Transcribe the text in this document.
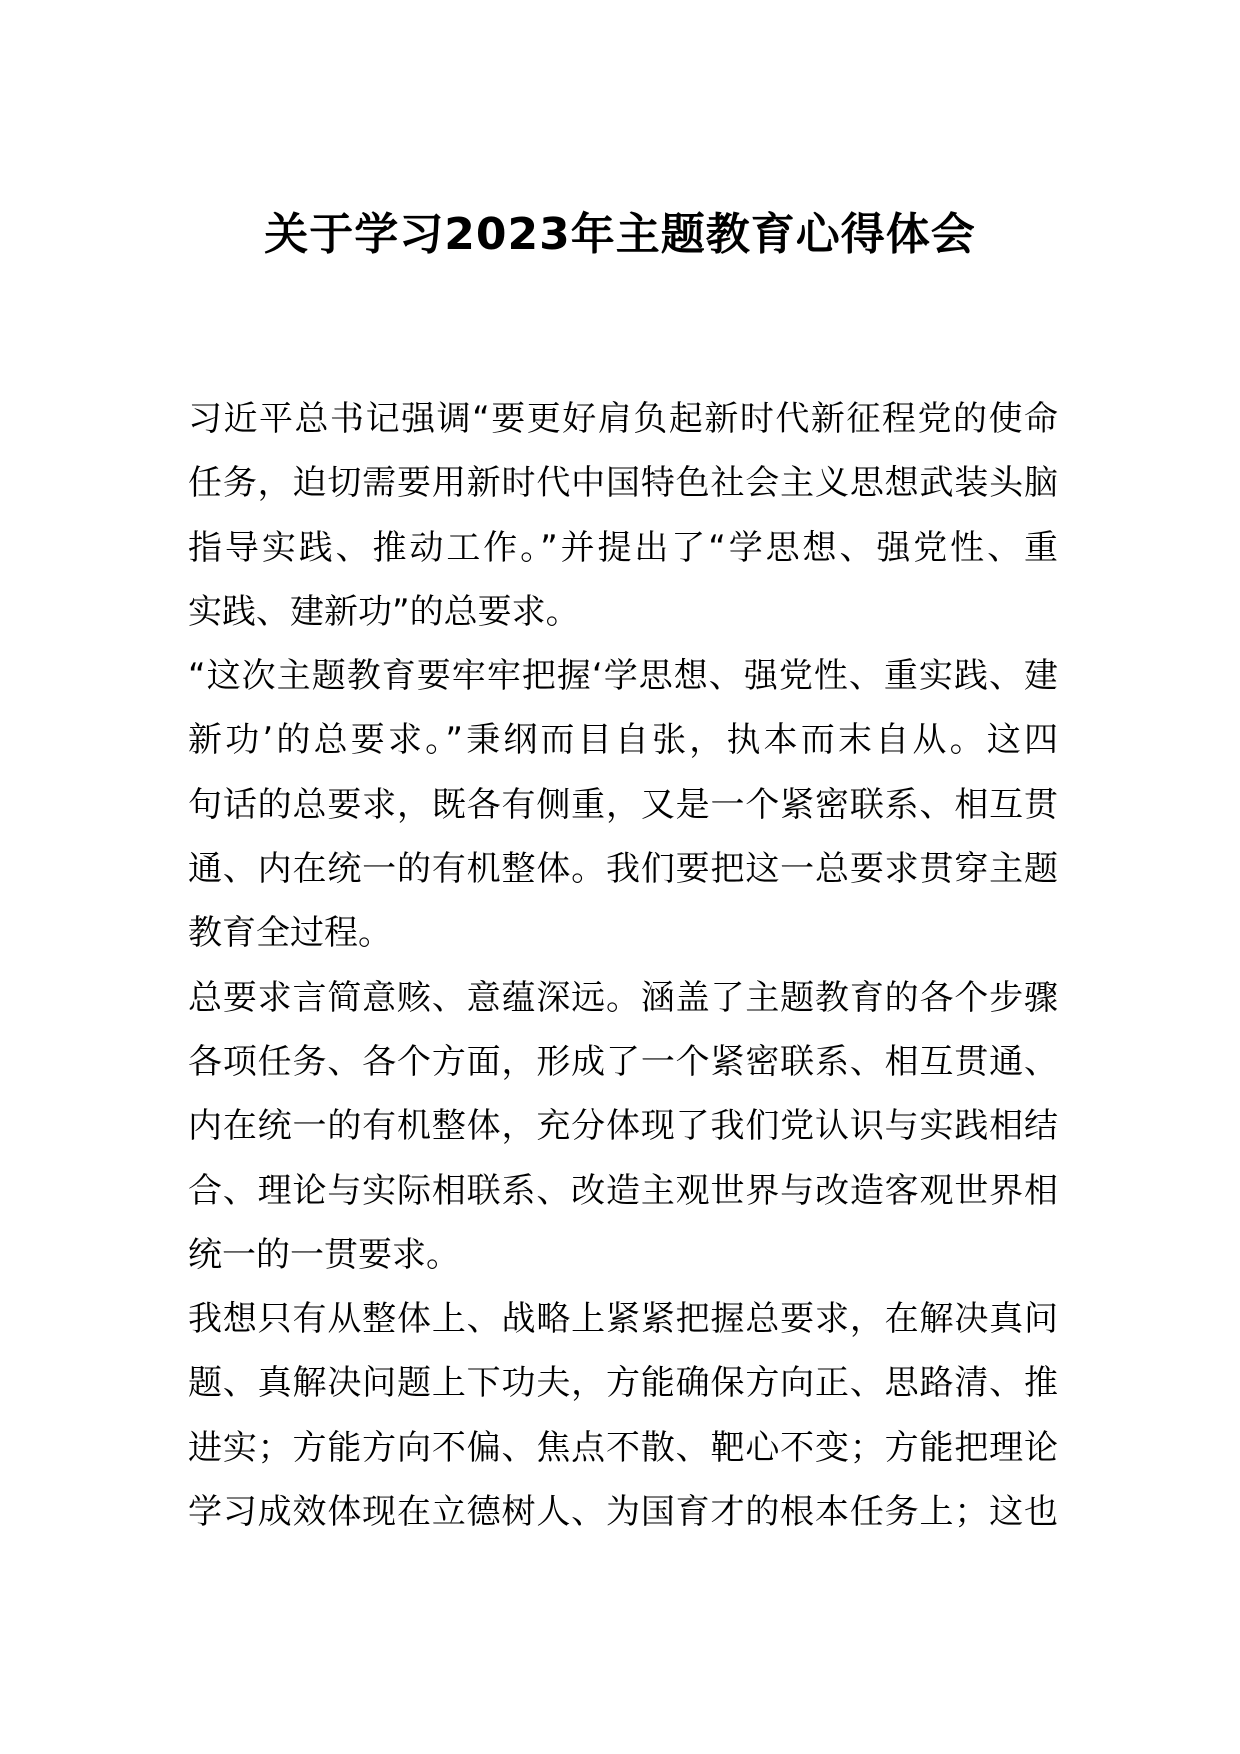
关于学习2023年主题教育心得体会
习近平总书记强调“要更好肩负起新时代新征程党的使命
任务，迫切需要用新时代中国特色社会主义思想武装头脑
指导实践、推动工作。”并提出了“学思想、强党性、重
实践、建新功”的总要求。
“这次主题教育要牢牢把握‘学思想、强党性、重实践、建
新功’的总要求。”秉纲而目自张，执本而末自从。这四
句话的总要求，既各有侧重，又是一个紧密联系、相互贯
通、内在统一的有机整体。我们要把这一总要求贯穿主题
教育全过程。
总要求言简意赅、意蕴深远。涵盖了主题教育的各个步骤
各项任务、各个方面，形成了一个紧密联系、相互贯通、
内在统一的有机整体，充分体现了我们党认识与实践相结
合、理论与实际相联系、改造主观世界与改造客观世界相
统一的一贯要求。
我想只有从整体上、战略上紧紧把握总要求，在解决真问
题、真解决问题上下功夫，方能确保方向正、思路清、推
进实；方能方向不偏、焦点不散、靶心不变；方能把理论
学习成效体现在立德树人、为国育才的根本任务上；这也
